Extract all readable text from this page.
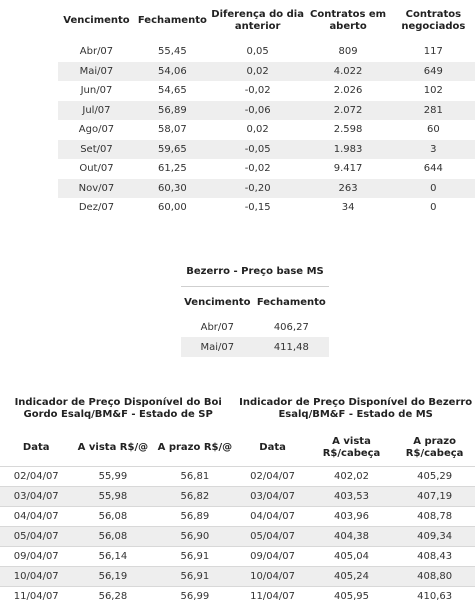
Vencimento	Fechamento	Diferença do dia anterior	Contratos em aberto	Contratos negociados
Abr/07	55,45	0,05	809	117
Mai/07	54,06	0,02	4.022	649
Jun/07	54,65	-0,02	2.026	102
Jul/07	56,89	-0,06	2.072	281
Ago/07	58,07	0,02	2.598	60
Set/07	59,65	-0,05	1.983	3
Out/07	61,25	-0,02	9.417	644
Nov/07	60,30	-0,20	263	0
Dez/07	60,00	-0,15	34	0
Bezerro - Preço base MS	
Vencimento	Fechamento
Abr/07	406,27
Mai/07	411,48
Indicador de Preço Disponível do Boi Gordo Esalq/BM&F - Estado de SP			Indicador de Preço Disponível do Bezerro Esalq/BM&F - Estado de MS		
Data	A vista R$/@	A prazo R$/@	Data	A vista R$/cabeça	A prazo R$/cabeça
02/04/07	55,99	56,81	02/04/07	402,02	405,29
03/04/07	55,98	56,82	03/04/07	403,53	407,19
04/04/07	56,08	56,89	04/04/07	403,96	408,78
05/04/07	56,08	56,90	05/04/07	404,38	409,34
09/04/07	56,14	56,91	09/04/07	405,04	408,43
10/04/07	56,19	56,91	10/04/07	405,24	408,80
11/04/07	56,28	56,99	11/04/07	405,95	410,63
